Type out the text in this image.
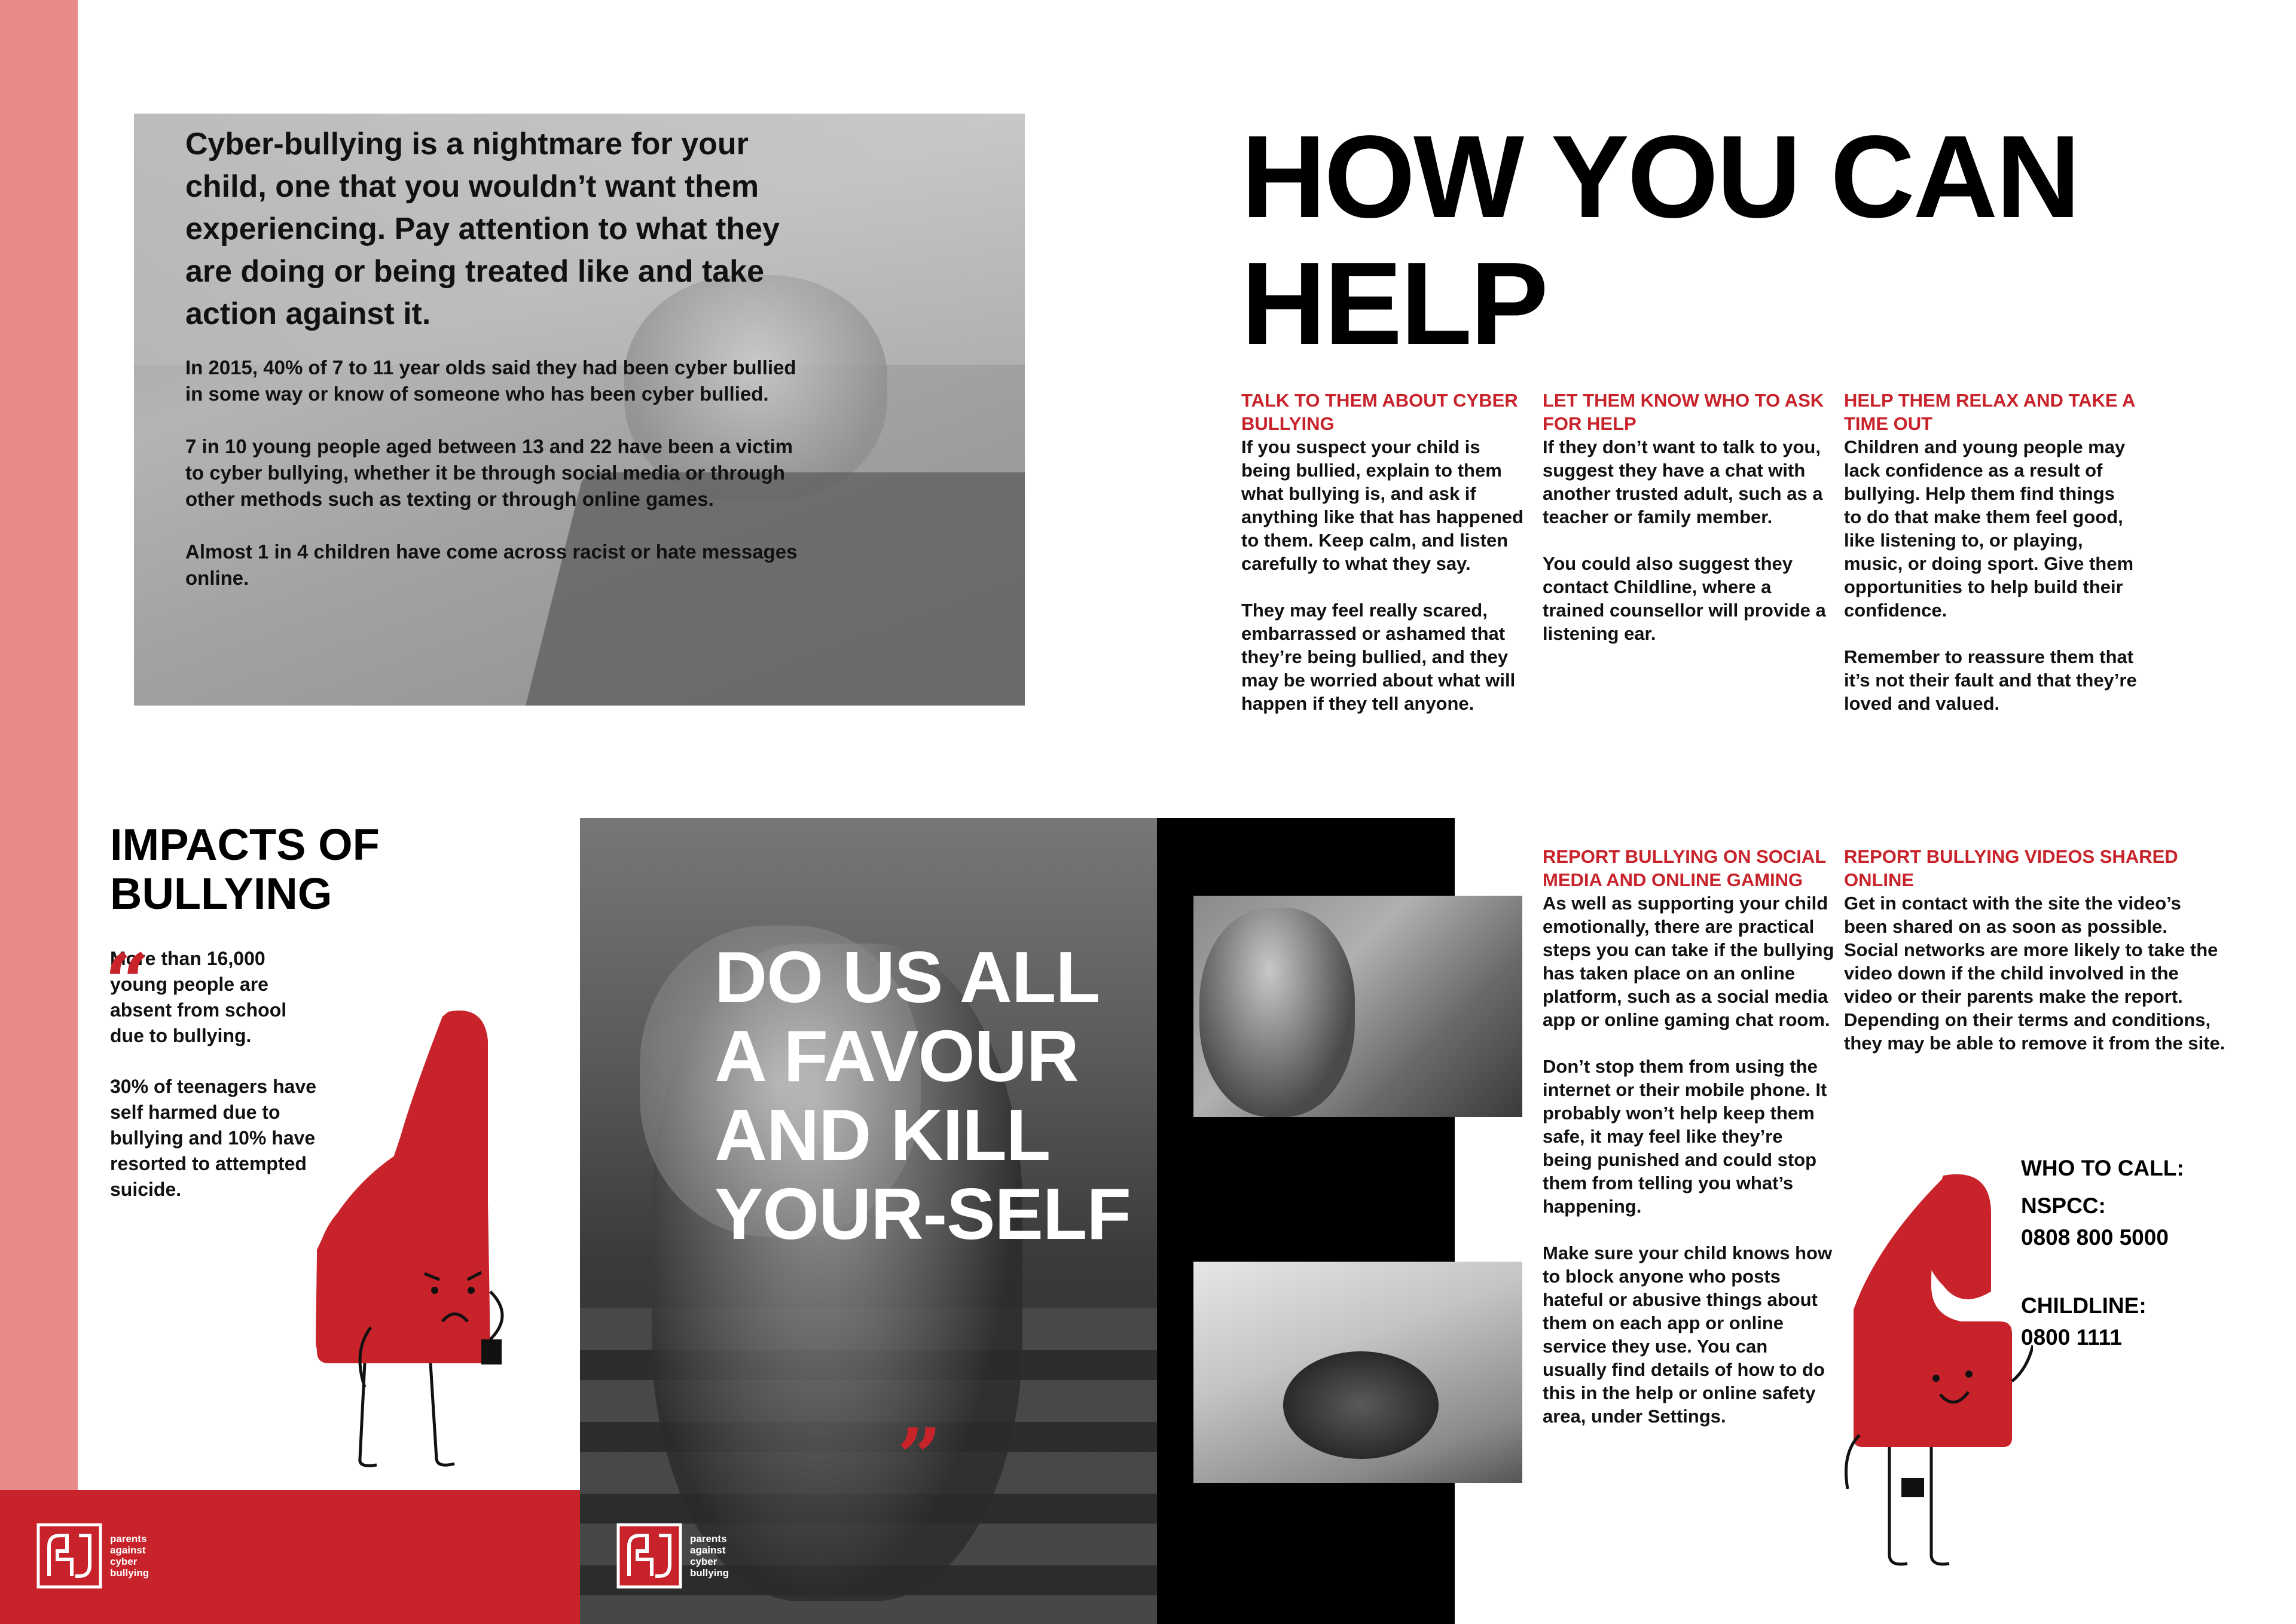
Cyber-bullying is a nightmare for your child, one that you wouldn’t want them experiencing. Pay attention to what they are doing or being treated like and take action against it.

In 2015, 40% of 7 to 11 year olds said they had been cyber bullied in some way or know of someone who has been cyber bullied.

7 in 10 young people aged between 13 and 22 have been a victim to cyber bullying, whether it be through social media or through other methods such as texting or through online games.

Almost 1 in 4 children have come across racist or hate messages online.

HOW YOU CAN HELP
TALK TO THEM ABOUT CYBER BULLYING

If you suspect your child is being bullied, explain to them what bullying is, and ask if anything like that has happened to them. Keep calm, and listen carefully to what they say.

They may feel really scared, embarrassed or ashamed that they’re being bullied, and they may be worried about what will happen if they tell anyone.

LET THEM KNOW WHO TO ASK FOR HELP

If they don’t want to talk to you, suggest they have a chat with another trusted adult, such as a teacher or family member.

You could also suggest they contact Childline, where a trained counsellor will provide a listening ear.

HELP THEM RELAX AND TAKE A TIME OUT

Children and young people may lack confidence as a result of bullying. Help them find things to do that make them feel good, like listening to, or playing, music, or doing sport. Give them opportunities to help build their confidence.

Remember to reassure them that it’s not their fault and that they’re loved and valued.

REPORT BULLYING ON SOCIAL MEDIA AND ONLINE GAMING

As well as supporting your child emotionally, there are practical steps you can take if the bullying has taken place on an online platform, such as a social media app or online gaming chat room.

Don’t stop them from using the internet or their mobile phone. It probably won’t help keep them safe, it may feel like they’re being punished and could stop them from telling you what’s happening.

Make sure your child knows how to block anyone who posts hateful or abusive things about them on each app or online service they use. You can usually find details of how to do this in the help or online safety area, under Settings.

REPORT BULLYING VIDEOS SHARED ONLINE

Get in contact with the site the video’s been shared on as soon as possible. Social networks are more likely to take the video down if the child involved in the video or their parents make the report. Depending on their terms and conditions, they may be able to remove it from the site.

IMPACTS OF BULLYING

More than 16,000 young people are absent from school due to bullying.

30% of teenagers have self harmed due to bullying and 10% have resorted to attempted suicide.

parents
against
cyber
bullying

DO US ALL A FAVOUR AND KILL YOUR-SELF

parents
against
cyber
bullying
“
”

WHO TO CALL:

NSPCC:

0808 800 5000

CHILDLINE:

0800 1111
